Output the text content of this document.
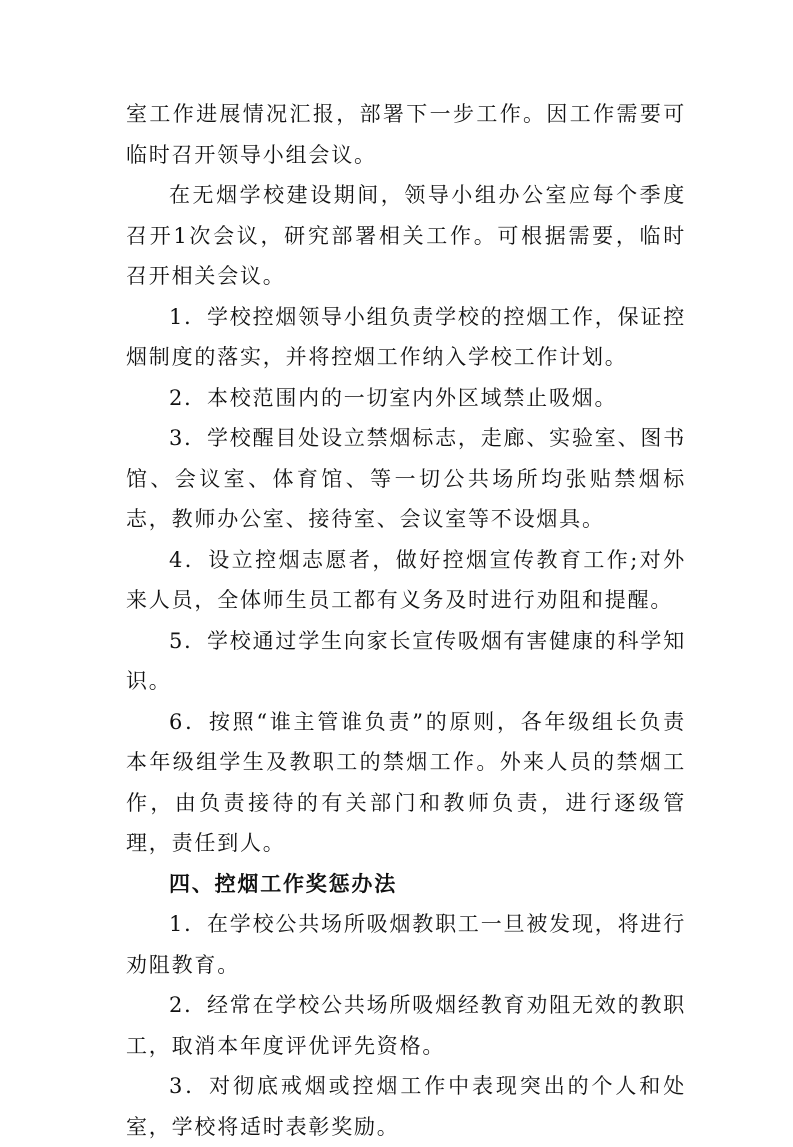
室工作进展情况汇报，部署下一步工作。因工作需要可临时召开领导小组会议。

在无烟学校建设期间，领导小组办公室应每个季度召开1次会议，研究部署相关工作。可根据需要，临时召开相关会议。

1．学校控烟领导小组负责学校的控烟工作，保证控烟制度的落实，并将控烟工作纳入学校工作计划。

2．本校范围内的一切室内外区域禁止吸烟。

3．学校醒目处设立禁烟标志，走廊、实验室、图书馆、会议室、体育馆、等一切公共场所均张贴禁烟标志，教师办公室、接待室、会议室等不设烟具。

4．设立控烟志愿者，做好控烟宣传教育工作;对外来人员，全体师生员工都有义务及时进行劝阻和提醒。

5．学校通过学生向家长宣传吸烟有害健康的科学知识。

6．按照“谁主管谁负责”的原则，各年级组长负责本年级组学生及教职工的禁烟工作。外来人员的禁烟工作，由负责接待的有关部门和教师负责，进行逐级管理，责任到人。

四、控烟工作奖惩办法

1．在学校公共场所吸烟教职工一旦被发现，将进行劝阻教育。

2．经常在学校公共场所吸烟经教育劝阻无效的教职工，取消本年度评优评先资格。

3．对彻底戒烟或控烟工作中表现突出的个人和处室，学校将适时表彰奖励。
